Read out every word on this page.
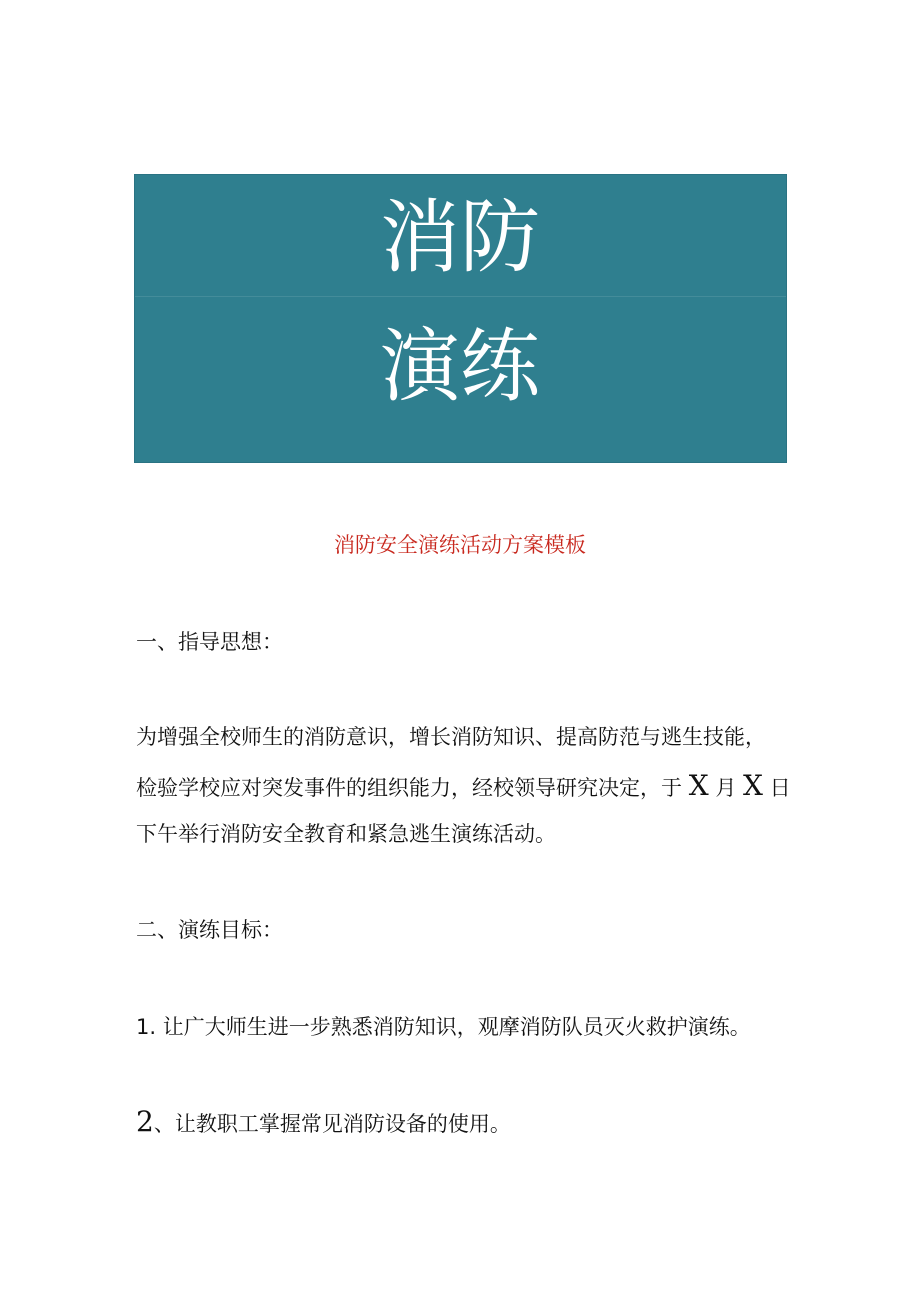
消防
演练
消防安全演练活动方案模板
一、指导思想：
为增强全校师生的消防意识，增长消防知识、提高防范与逃生技能，
检验学校应对突发事件的组织能力，经校领导研究决定，于 X 月 X 日
下午举行消防安全教育和紧急逃生演练活动。
二、演练目标：
1. 让广大师生进一步熟悉消防知识，观摩消防队员灭火救护演练。
2、让教职工掌握常见消防设备的使用。
